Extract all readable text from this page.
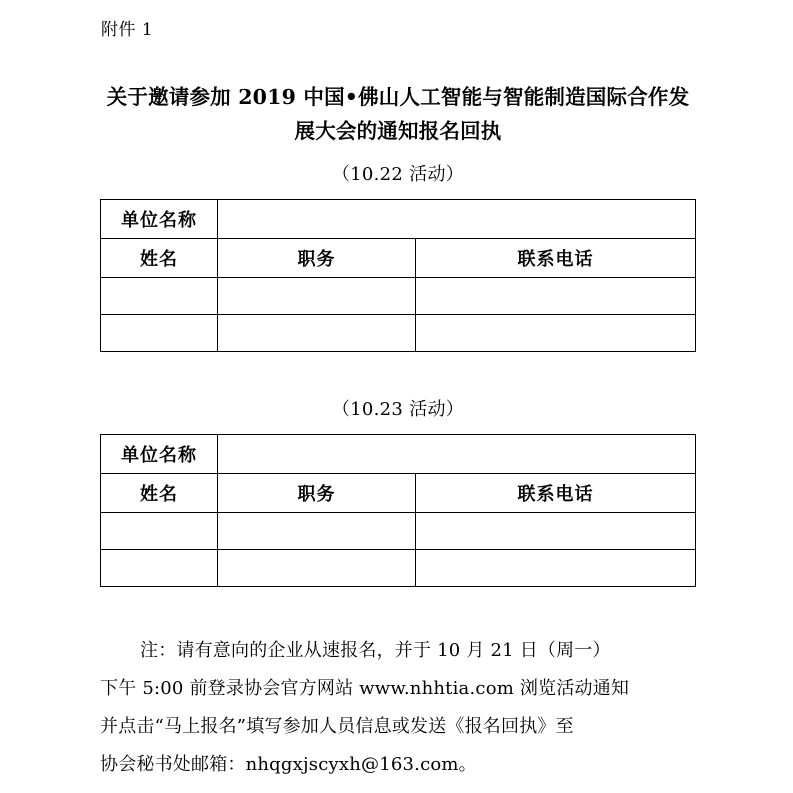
附件 1
关于邀请参加 2019 中国•佛山人工智能与智能制造国际合作发
展大会的通知报名回执
（10.22 活动）
单位名称		
姓名	职务	联系电话

（10.23 活动）
单位名称		
姓名	职务	联系电话

注：请有意向的企业从速报名，并于 10 月 21 日（周一）
下午 5:00 前登录协会官方网站 www.nhhtia.com 浏览活动通知
并点击“马上报名”填写参加人员信息或发送《报名回执》至
协会秘书处邮箱：nhqgxjscyxh@163.com。
